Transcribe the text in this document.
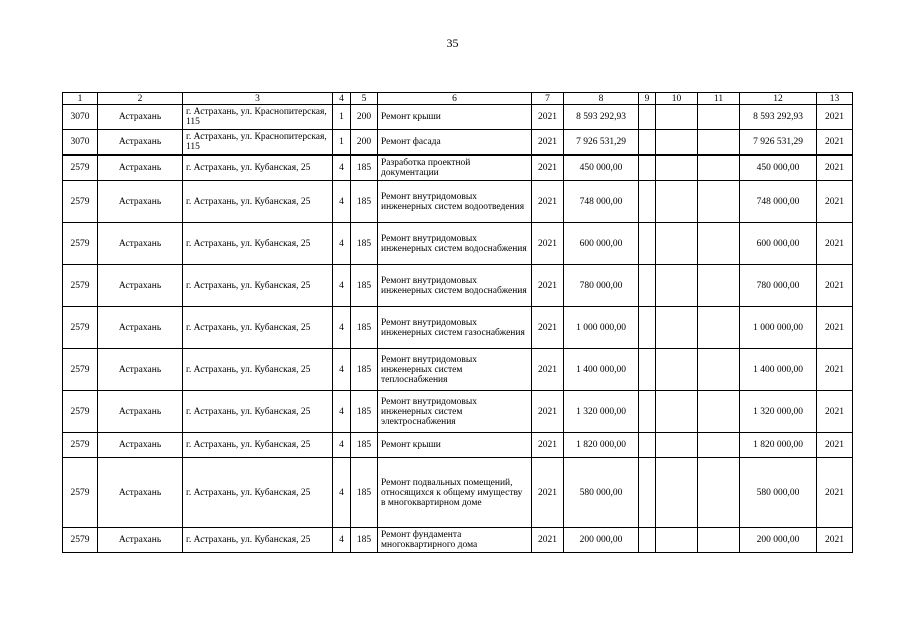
35
1	2	3	4	5	6	7	8	9	10	11	12	13
3070	Астрахань	г. Астрахань, ул. Краснопитерская, 115	1	200	Ремонт крыши	2021	8 593 292,93				8 593 292,93	2021
3070	Астрахань	г. Астрахань, ул. Краснопитерская, 115	1	200	Ремонт фасада	2021	7 926 531,29				7 926 531,29	2021
2579	Астрахань	г. Астрахань, ул. Кубанская, 25	4	185	Разработка проектной документации	2021	450 000,00				450 000,00	2021
2579	Астрахань	г. Астрахань, ул. Кубанская, 25	4	185	Ремонт внутридомовых инженерных систем водоотведения	2021	748 000,00				748 000,00	2021
2579	Астрахань	г. Астрахань, ул. Кубанская, 25	4	185	Ремонт внутридомовых инженерных систем водоснабжения	2021	600 000,00				600 000,00	2021
2579	Астрахань	г. Астрахань, ул. Кубанская, 25	4	185	Ремонт внутридомовых инженерных систем водоснабжения	2021	780 000,00				780 000,00	2021
2579	Астрахань	г. Астрахань, ул. Кубанская, 25	4	185	Ремонт внутридомовых инженерных систем газоснабжения	2021	1 000 000,00				1 000 000,00	2021
2579	Астрахань	г. Астрахань, ул. Кубанская, 25	4	185	Ремонт внутридомовых инженерных систем теплоснабжения	2021	1 400 000,00				1 400 000,00	2021
2579	Астрахань	г. Астрахань, ул. Кубанская, 25	4	185	Ремонт внутридомовых инженерных систем электроснабжения	2021	1 320 000,00				1 320 000,00	2021
2579	Астрахань	г. Астрахань, ул. Кубанская, 25	4	185	Ремонт крыши	2021	1 820 000,00				1 820 000,00	2021
2579	Астрахань	г. Астрахань, ул. Кубанская, 25	4	185	Ремонт подвальных помещений, относящихся к общему имуществу в многоквартирном доме	2021	580 000,00				580 000,00	2021
2579	Астрахань	г. Астрахань, ул. Кубанская, 25	4	185	Ремонт фундамента многоквартирного дома	2021	200 000,00				200 000,00	2021
